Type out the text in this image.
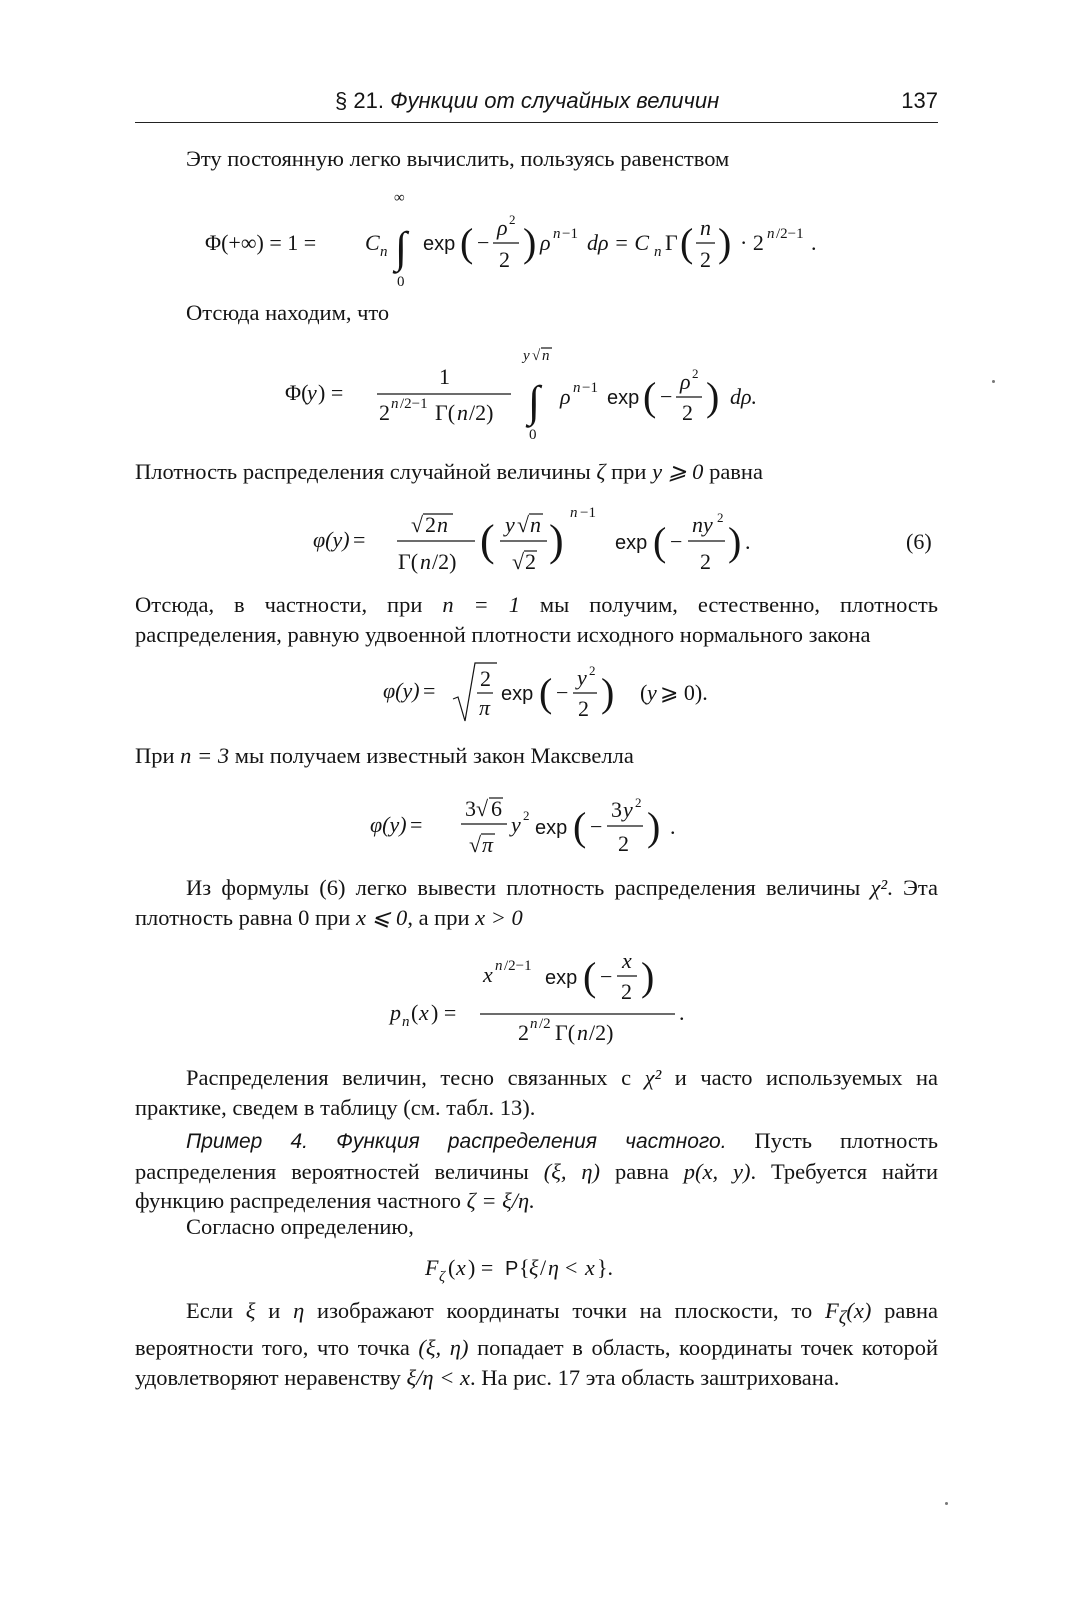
§ 21. Функции от случайных величин	137
Эту постоянную легко вычислить, пользуясь равенством
Φ(+∞) = 1 = C n
∞
∫
0
exp ( −
ρ 2
2 ) ρ n −1 dρ = C n Γ ( n
2 ) · 2 n /2−1 .
Отсюда находим, что
Φ(
y ) =
1
2 n /2−1 Γ( n /2)
y √ n
∫
0
ρ n −1 exp ( −
ρ 2
2 ) dρ.
Плотность распределения случайной величины ζ при y ⩾ 0 равна
φ(y) =
√ 2 n
Γ( n /2) ( y √ n
√ 2 )
n −1
exp ( −
ny 2
2 ) .	(6)
Отсюда, в частности, при n = 1 мы получим, естественно, плотность распределения, равную удвоенной плотности исходного нормального закона
φ(y) = 2
π
exp ( −
y 2
2 ) ( y ⩾ 0).
При n = 3 мы получаем известный закон Максвелла
φ(y) =
3√ 6
√ π
y 2
exp ( −
3 y 2
2 ) .
Из формулы (6) легко вывести плотность распределения величины χ². Эта плотность равна 0 при x ⩽ 0, а при x > 0
p n ( x ) =
x n /2−1
exp ( −
x
2 )
2 n /2 Γ( n /2)
.
Распределения величин, тесно связанных с χ² и часто используемых на практике, сведем в таблицу (см. табл. 13).
Пример 4. Функция распределения частного. Пусть плотность распределения вероятностей величины (ξ, η) равна p(x, y). Требуется найти функцию распределения частного ζ = ξ/η.
Согласно определению,
F ζ ( x ) = P { ξ / η < x }.
Если ξ и η изображают координаты точки на плоскости, то $F_\zeta(x)$ равна вероятности того, что точка (ξ, η) попадает в область, координаты точек которой удовлетворяют неравенству ξ/η < x. На рис. 17 эта область заштрихована.
